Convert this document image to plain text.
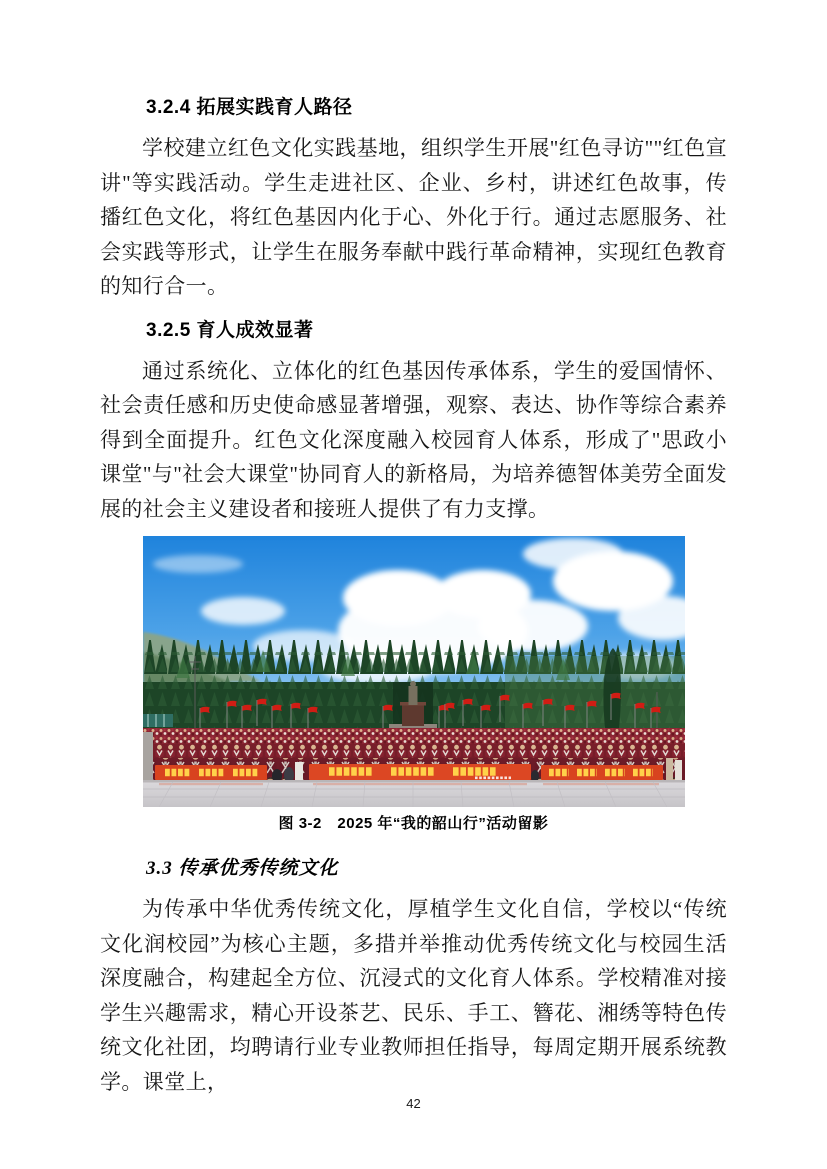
3.2.4 拓展实践育人路径

学校建立红色文化实践基地，组织学生开展"红色寻访""红色宣讲"等实践活动。学生走进社区、企业、乡村，讲述红色故事，传播红色文化，将红色基因内化于心、外化于行。通过志愿服务、社会实践等形式，让学生在服务奉献中践行革命精神，实现红色教育的知行合一。

3.2.5 育人成效显著

通过系统化、立体化的红色基因传承体系，学生的爱国情怀、社会责任感和历史使命感显著增强，观察、表达、协作等综合素养得到全面提升。红色文化深度融入校园育人体系，形成了"思政小课堂"与"社会大课堂"协同育人的新格局，为培养德智体美劳全面发展的社会主义建设者和接班人提供了有力支撑。

图 3-2　2025 年“我的韶山行”活动留影
3.3 传承优秀传统文化

为传承中华优秀传统文化，厚植学生文化自信，学校以“传统文化润校园”为核心主题，多措并举推动优秀传统文化与校园生活深度融合，构建起全方位、沉浸式的文化育人体系。学校精准对接学生兴趣需求，精心开设茶艺、民乐、手工、簪花、湘绣等特色传统文化社团，均聘请行业专业教师担任指导，每周定期开展系统教学。课堂上，

42
